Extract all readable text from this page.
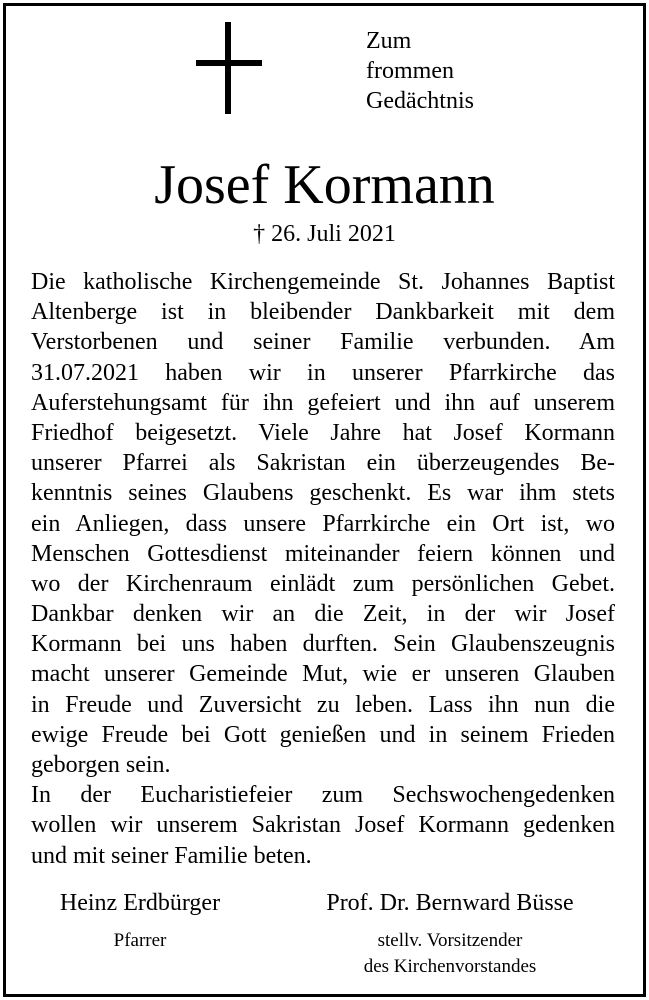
Zum
frommen
Gedächtnis
Josef Kormann
† 26. Juli 2021
Die katholische Kirchengemeinde St. Johannes Baptist
Altenberge ist in bleibender Dankbarkeit mit dem
Verstorbenen und seiner Familie verbunden. Am
31.07.2021 haben wir in unserer Pfarrkirche das
Auferstehungsamt für ihn gefeiert und ihn auf unserem
Friedhof beigesetzt. Viele Jahre hat Josef Kormann
unserer Pfarrei als Sakristan ein überzeugendes Be-
kenntnis seines Glaubens geschenkt. Es war ihm stets
ein Anliegen, dass unsere Pfarrkirche ein Ort ist, wo
Menschen Gottesdienst miteinander feiern können und
wo der Kirchenraum einlädt zum persönlichen Gebet.
Dankbar denken wir an die Zeit, in der wir Josef
Kormann bei uns haben durften. Sein Glaubenszeugnis
macht unserer Gemeinde Mut, wie er unseren Glauben
in Freude und Zuversicht zu leben. Lass ihn nun die
ewige Freude bei Gott genießen und in seinem Frieden
geborgen sein.
In der Eucharistiefeier zum Sechswochengedenken
wollen wir unserem Sakristan Josef Kormann gedenken
und mit seiner Familie beten.
Heinz Erdbürger	Prof. Dr. Bernward Büsse
Pfarrer	stellv. Vorsitzender
des Kirchenvorstandes
